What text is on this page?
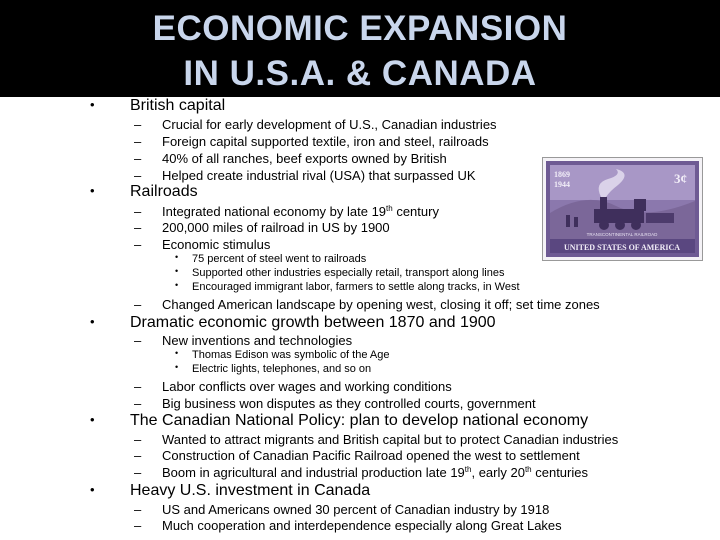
ECONOMIC EXPANSION
IN U.S.A. & CANADA
• British capital
– Crucial for early development of U.S., Canadian industries
– Foreign capital supported textile, iron and steel, railroads
– 40% of all ranches, beef exports owned by British
– Helped create industrial rival (USA) that surpassed UK
• Railroads
– Integrated national economy by late 19th century
– 200,000 miles of railroad in US by 1900
– Economic stimulus
• 75 percent of steel went to railroads
• Supported other industries especially retail, transport along lines
• Encouraged immigrant labor, farmers to settle along tracks, in West
– Changed American landscape by opening west, closing it off; set time zones
• Dramatic economic growth between 1870 and 1900
– New inventions and technologies
• Thomas Edison was symbolic of the Age
• Electric lights, telephones, and so on
– Labor conflicts over wages and working conditions
– Big business won disputes as they controlled courts, government
• The Canadian National Policy: plan to develop national economy
– Wanted to attract migrants and British capital but to protect Canadian industries
– Construction of Canadian Pacific Railroad opened the west to settlement
– Boom in agricultural and industrial production late 19th, early 20th centuries
• Heavy U.S. investment in Canada
– US and Americans owned 30 percent of Canadian industry by 1918
– Much cooperation and interdependence especially along Great Lakes
1869
1944	3¢
TRANSCONTINENTAL RAILROAD
UNITED STATES OF AMERICA
